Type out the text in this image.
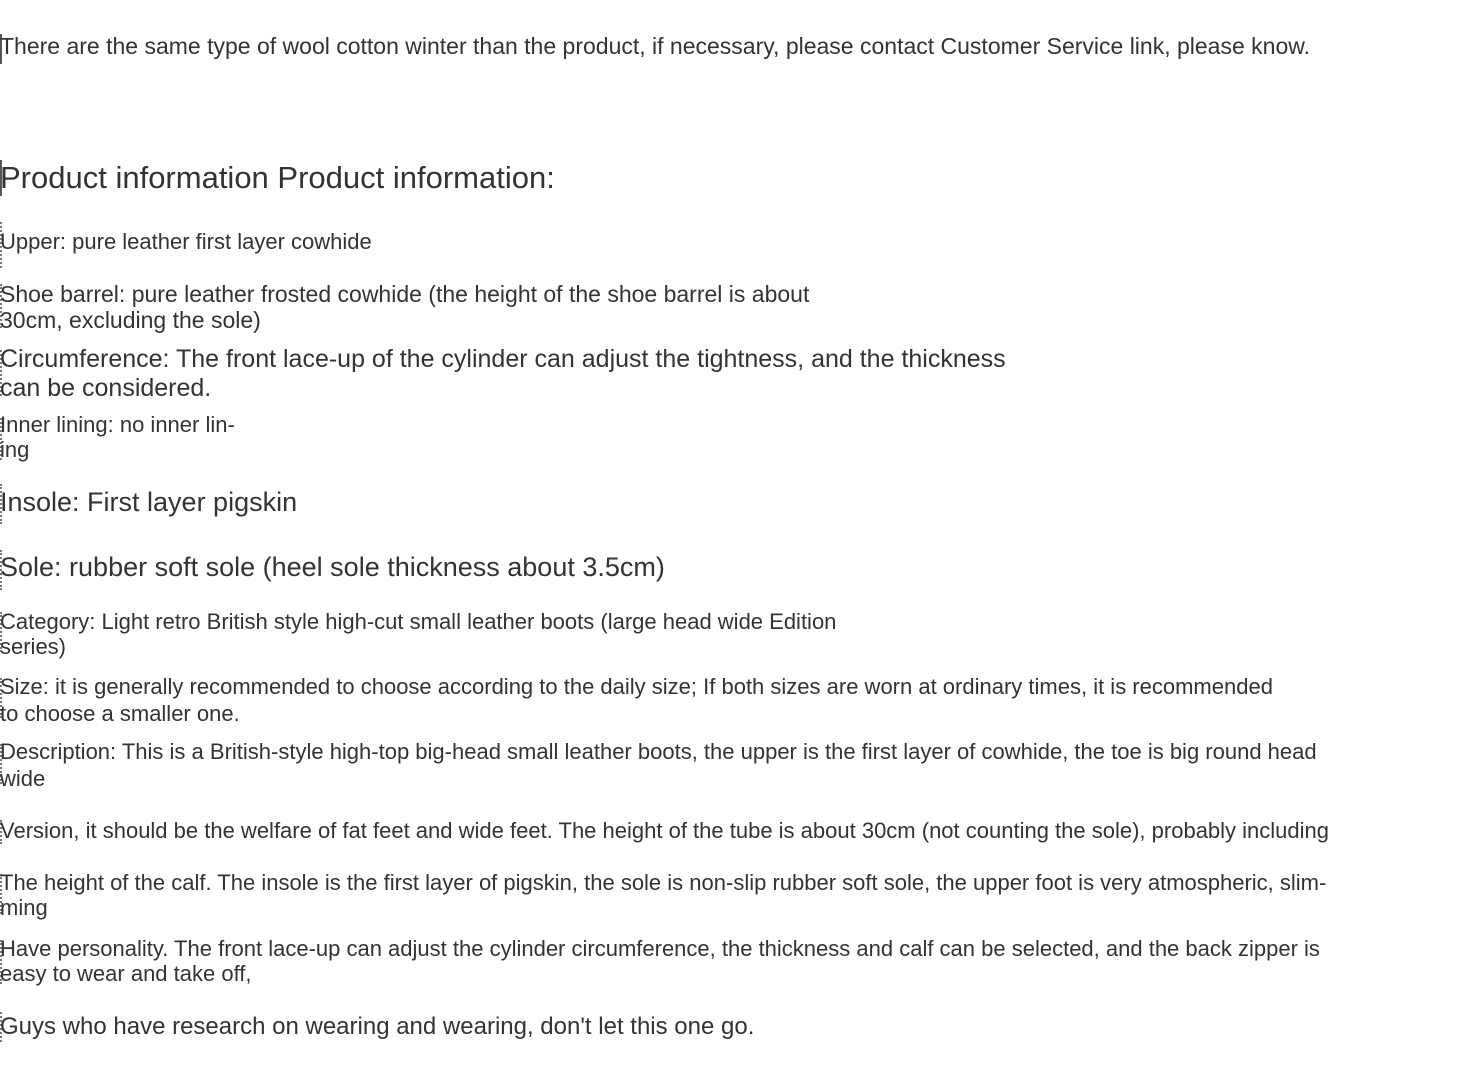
There are the same type of wool cotton winter than the product, if necessary, please contact Customer Service link, please know.

Product information Product information:

Upper: pure leather first layer cowhide

Shoe barrel: pure leather frosted cowhide (the height of the shoe barrel is about

30cm, excluding the sole)

Circumference: The front lace-up of the cylinder can adjust the tightness, and the thickness

can be considered.

Inner lining: no inner lin-

ing

Insole: First layer pigskin

Sole: rubber soft sole (heel sole thickness about 3.5cm)

Category: Light retro British style high-cut small leather boots (large head wide Edition

series)

Size: it is generally recommended to choose according to the daily size; If both sizes are worn at ordinary times, it is recommended

to choose a smaller one.

Description: This is a British-style high-top big-head small leather boots, the upper is the first layer of cowhide, the toe is big round head

wide

Version, it should be the welfare of fat feet and wide feet. The height of the tube is about 30cm (not counting the sole), probably including

The height of the calf. The insole is the first layer of pigskin, the sole is non-slip rubber soft sole, the upper foot is very atmospheric, slim-

ming

Have personality. The front lace-up can adjust the cylinder circumference, the thickness and calf can be selected, and the back zipper is

easy to wear and take off,

Guys who have research on wearing and wearing, don't let this one go.
